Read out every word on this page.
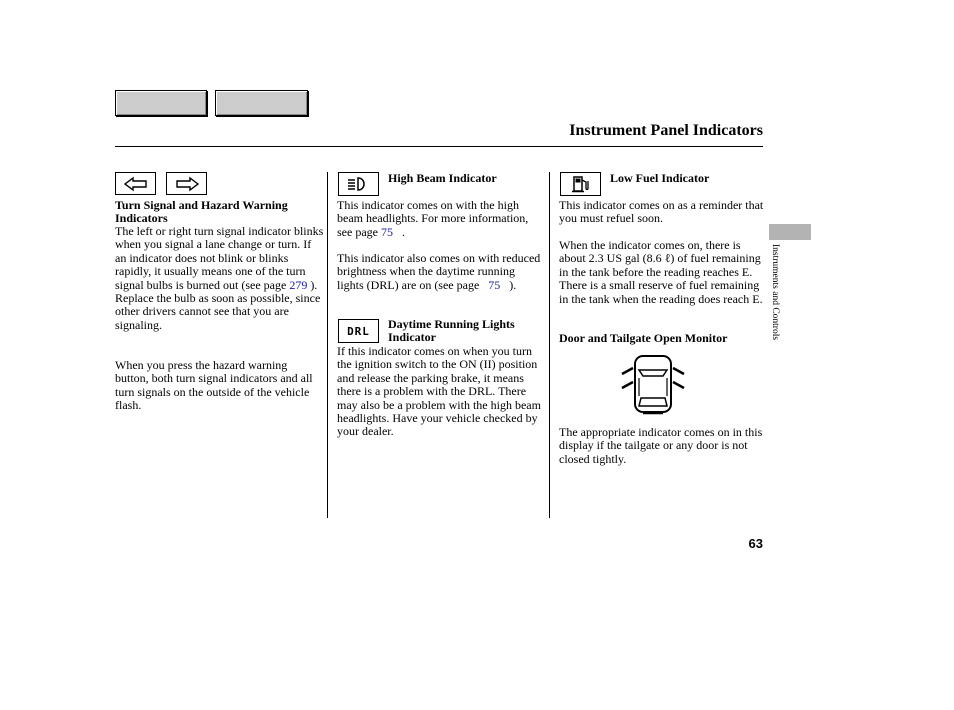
Instrument Panel Indicators
Instruments and Controls
Turn Signal and Hazard Warning Indicators
The left or right turn signal indicator blinks when you signal a lane change or turn. If an indicator does not blink or blinks rapidly, it usually means one of the turn signal bulbs is burned out (see page 279 ). Replace the bulb as soon as possible, since other drivers cannot see that you are signaling.
When you press the hazard warning button, both turn signal indicators and all turn signals on the outside of the vehicle flash.
High Beam Indicator
This indicator comes on with the high beam headlights. For more information, see page 75 .
This indicator also comes on with reduced brightness when the daytime running lights (DRL) are on (see page 75 ).
DRL Daytime Running Lights Indicator
If this indicator comes on when you turn the ignition switch to the ON (II) position and release the parking brake, it means there is a problem with the DRL. There may also be a problem with the high beam headlights. Have your vehicle checked by your dealer.
Low Fuel Indicator
This indicator comes on as a reminder that you must refuel soon.
When the indicator comes on, there is about 2.3 US gal (8.6 ℓ) of fuel remaining in the tank before the reading reaches E. There is a small reserve of fuel remaining in the tank when the reading does reach E.
Door and Tailgate Open Monitor
The appropriate indicator comes on in this display if the tailgate or any door is not closed tightly.
63
